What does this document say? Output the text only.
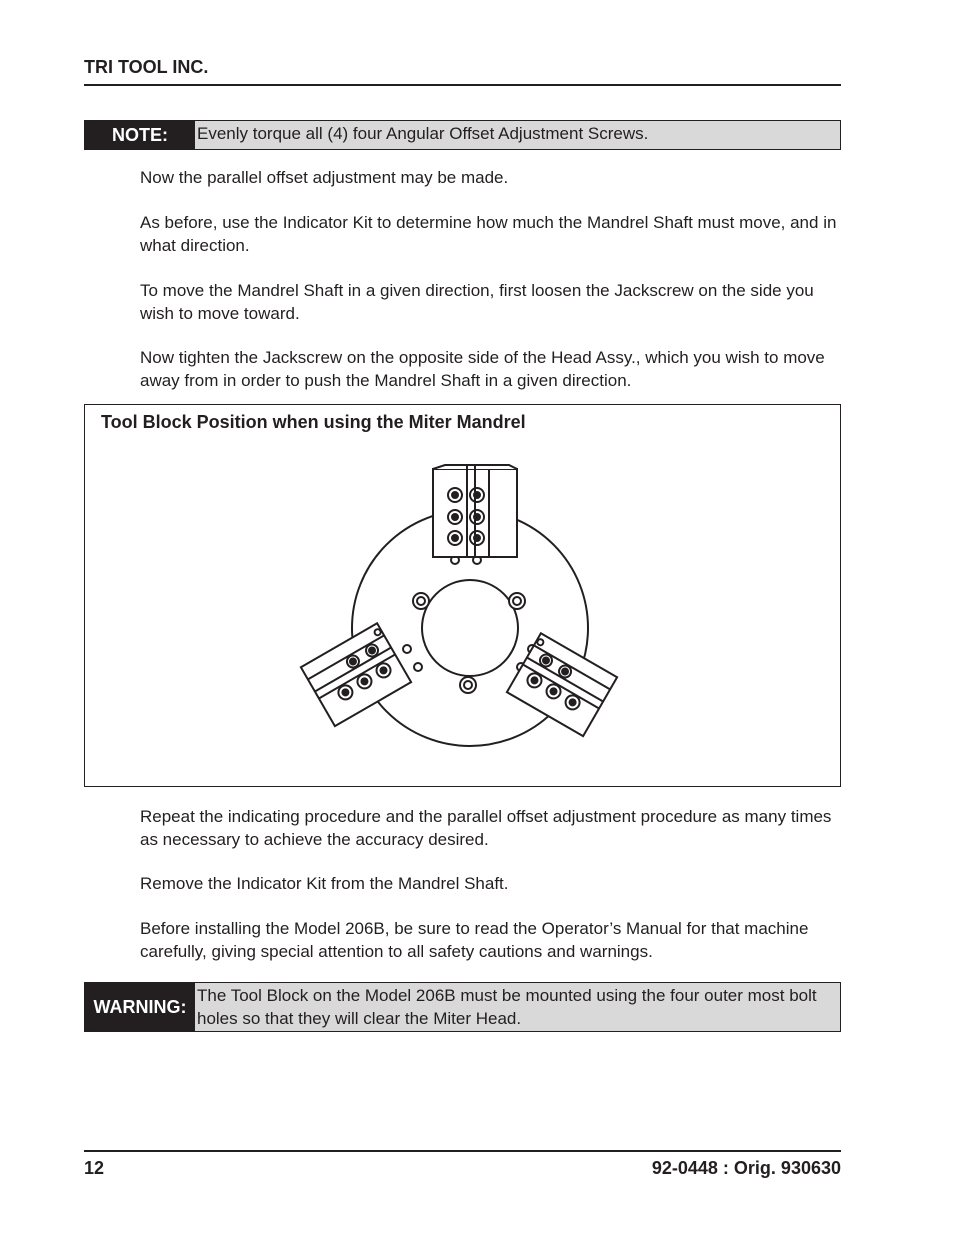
TRI TOOL INC.
NOTE:	Evenly torque all (4) four Angular Offset Adjustment Screws.

Now the parallel offset adjustment may be made.

As before, use the Indicator Kit to determine how much the Mandrel Shaft must move, and in what direction.

To move the Mandrel Shaft in a given direction, first loosen the Jackscrew on the side you wish to move toward.

Now tighten the Jackscrew on the opposite side of the Head Assy., which you wish to move away from in order to push the Mandrel Shaft in a given direction.

Tool Block Position when using the Miter Mandrel

Repeat the indicating procedure and the parallel offset adjustment procedure as many times as necessary to achieve the accuracy desired.

Remove the Indicator Kit from the Mandrel Shaft.

Before installing the Model 206B, be sure to read the Operator’s Manual for that machine carefully, giving special attention to all safety cautions and warnings.

WARNING:
The Tool Block on the Model 206B must be mounted using the four outer most bolt holes so that they will clear the Miter Head.
12	92-0448 : Orig. 930630
